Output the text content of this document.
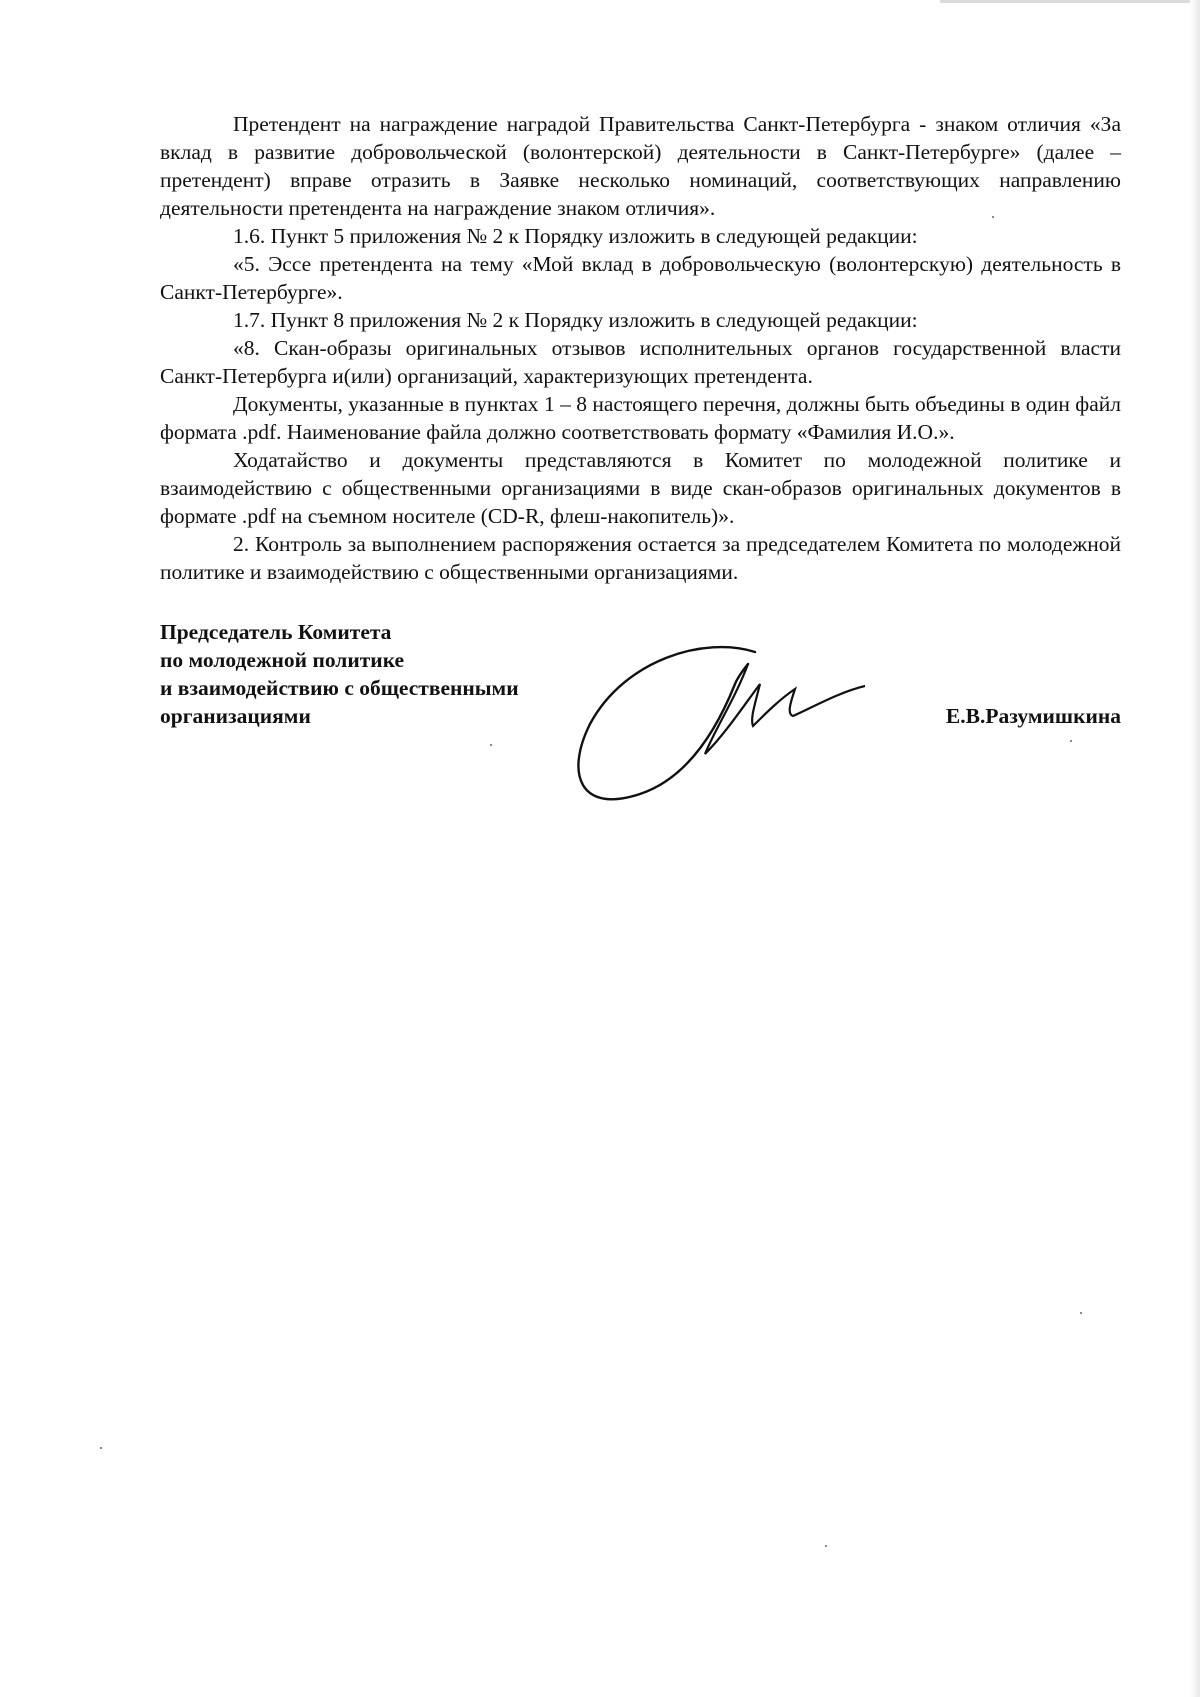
Претендент на награждение наградой Правительства Санкт-Петербурга - знаком отличия «За вклад в развитие добровольческой (волонтерской) деятельности в Санкт-Петербурге» (далее – претендент) вправе отразить в Заявке несколько номинаций, соответствующих направлению деятельности претендента на награждение знаком отличия».

1.6. Пункт 5 приложения № 2 к Порядку изложить в следующей редакции:

«5. Эссе претендента на тему «Мой вклад в добровольческую (волонтерскую) деятельность в Санкт-Петербурге».

1.7. Пункт 8 приложения № 2 к Порядку изложить в следующей редакции:

«8. Скан-образы оригинальных отзывов исполнительных органов государственной власти Санкт-Петербурга и(или) организаций, характеризующих претендента.

Документы, указанные в пунктах 1 – 8 настоящего перечня, должны быть объедины в один файл формата .pdf. Наименование файла должно соответствовать формату «Фамилия И.О.».

Ходатайство и документы представляются в Комитет по молодежной политике и взаимодействию с общественными организациями в виде скан-образов оригинальных документов в формате .pdf на съемном носителе (CD-R, флеш-накопитель)».

2. Контроль за выполнением распоряжения остается за председателем Комитета по молодежной политике и взаимодействию с общественными организациями.

Председатель Комитета
по молодежной политике
и взаимодействию с общественными
организациями	Е.В.Разумишкина
